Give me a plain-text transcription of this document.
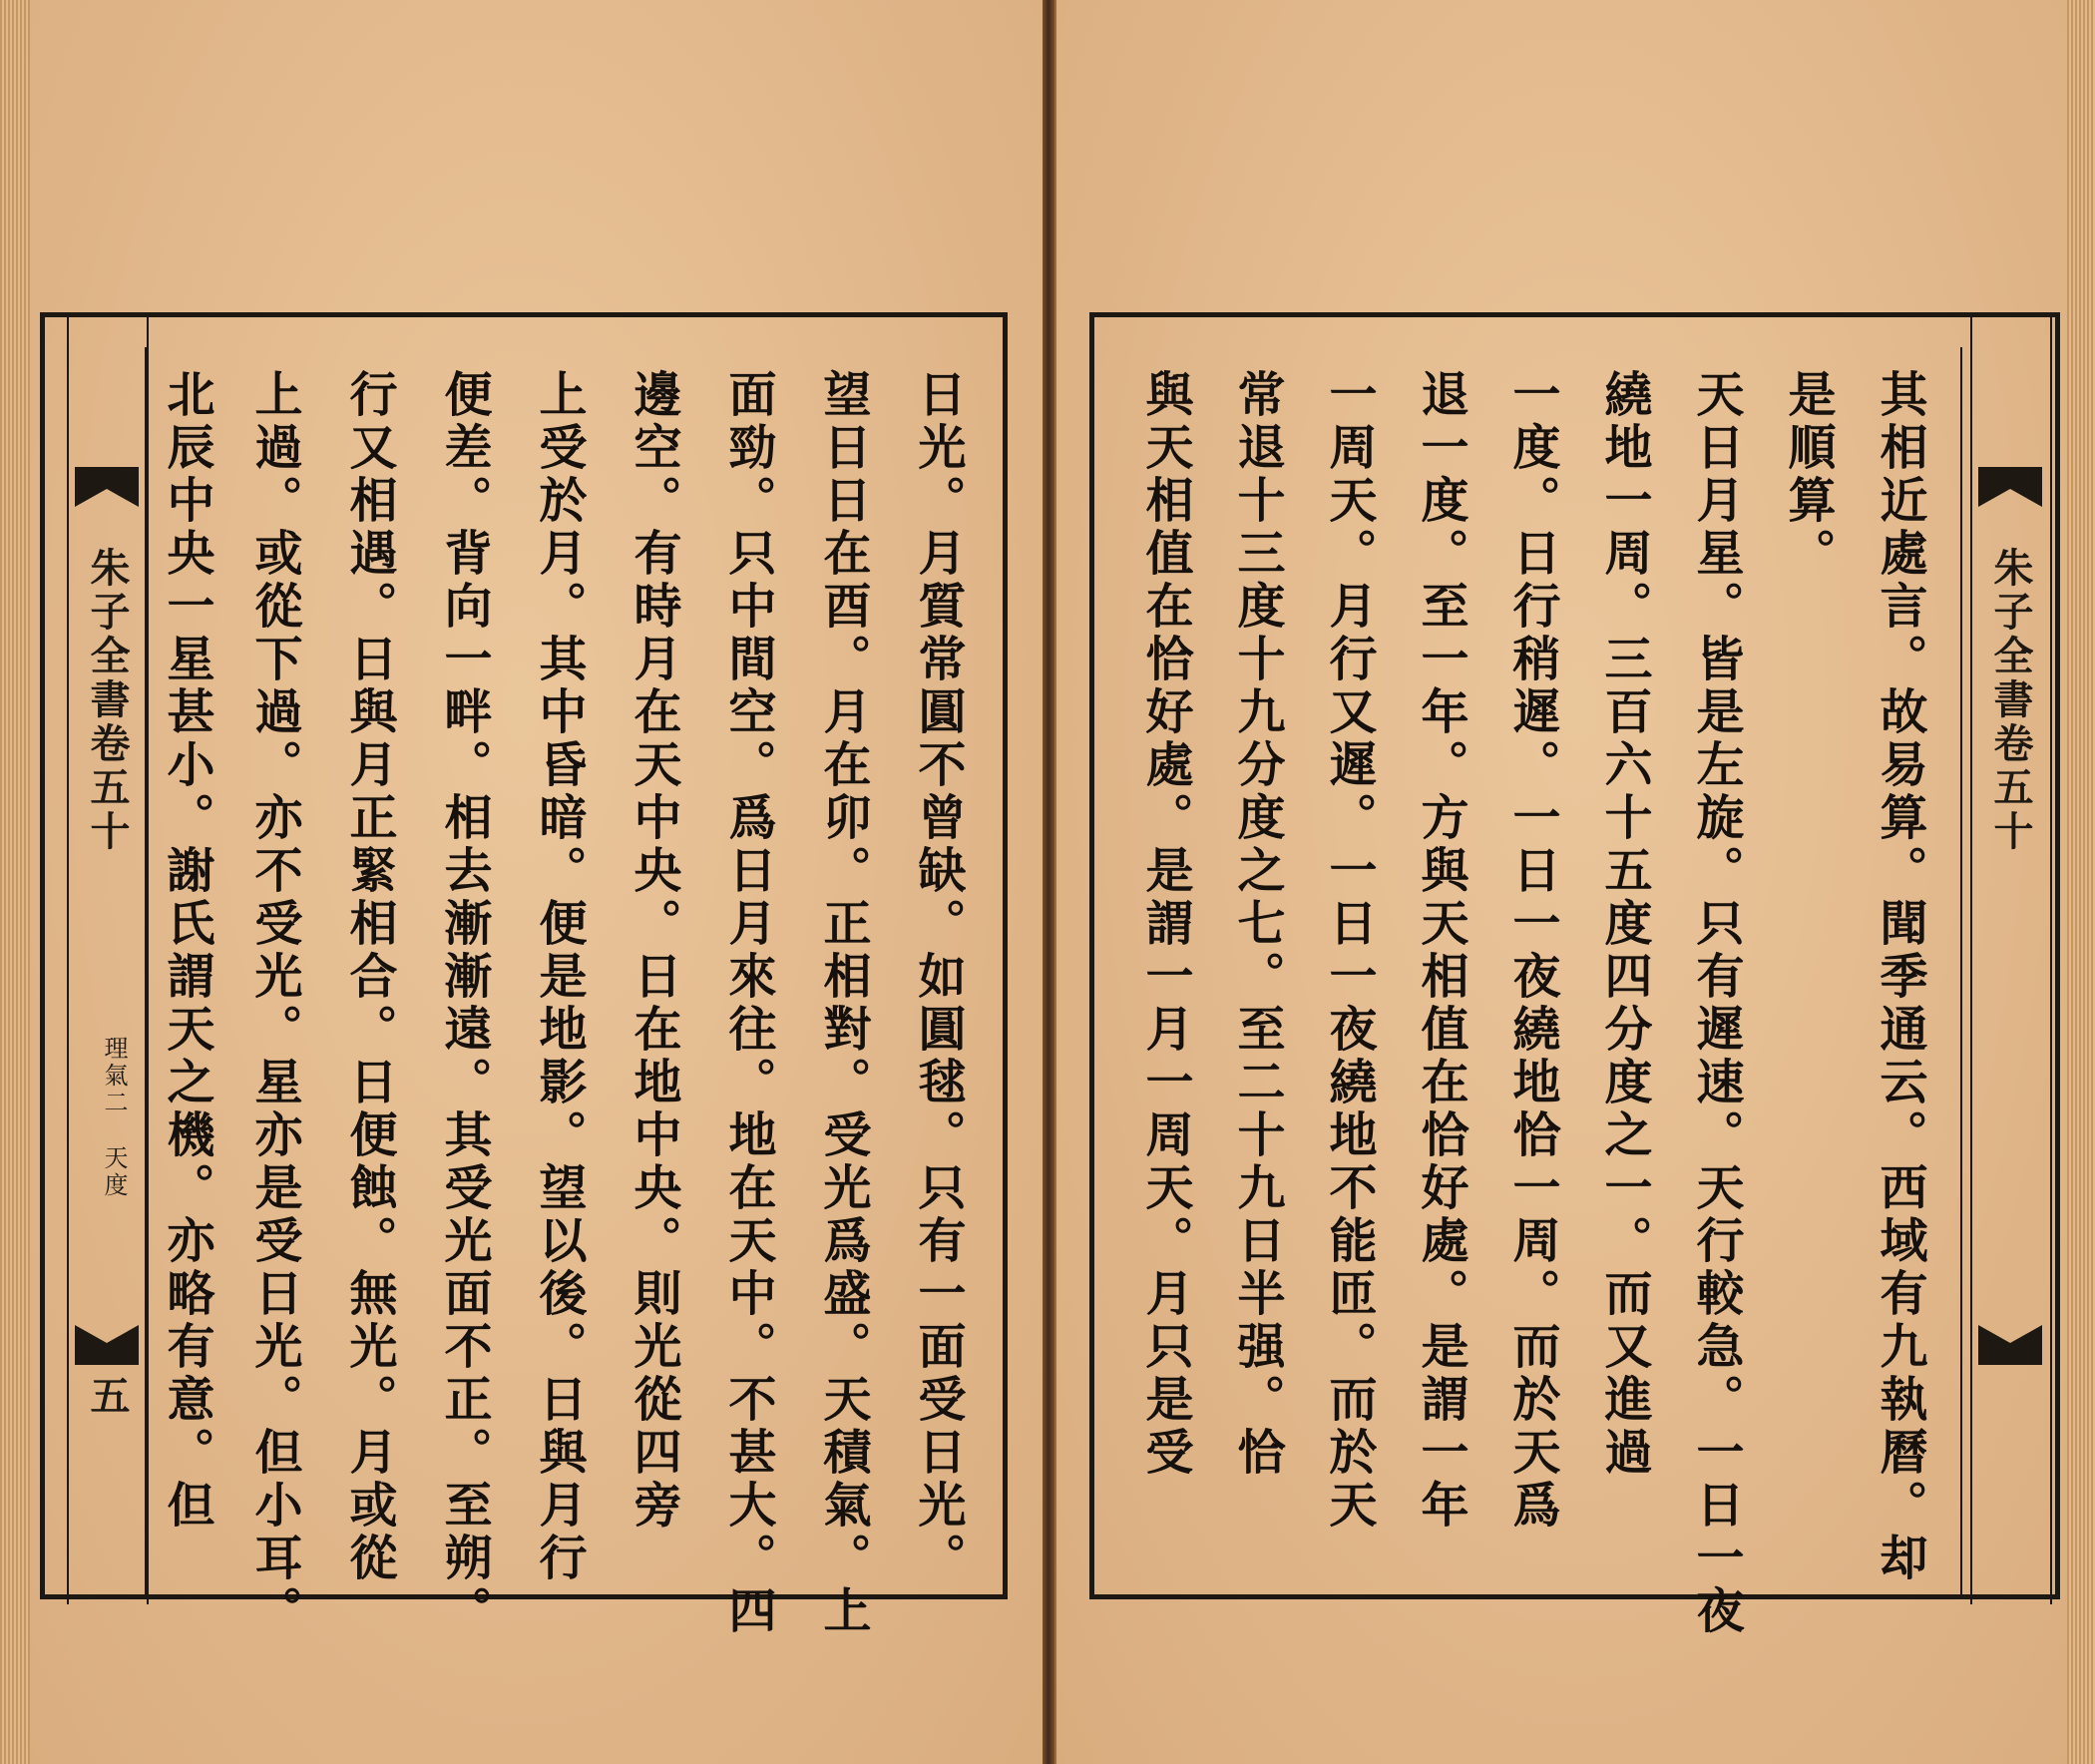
朱子全書卷五十
理氣二
天度
五	日光。月質常圓不曾缺。如圓毬。只有一面受日光。
望日日在酉。月在卯。正相對。受光爲盛。天積氣。上
面勁。只中間空。爲日月來往。地在天中。不甚大。四
邊空。有時月在天中央。日在地中央。則光從四旁
上受於月。其中昏暗。便是地影。望以後。日與月行
便差。背向一畔。相去漸漸遠。其受光面不正。至朔。
行又相遇。日與月正緊相合。日便蝕。無光。月或從
上過。或從下過。亦不受光。星亦是受日光。但小耳。
北辰中央一星甚小。謝氏謂天之機。亦略有意。但	朱子全書卷五十
其相近處言。故易算。聞季通云。西域有九執曆。却
是順算。
天日月星。皆是左旋。只有遲速。天行較急。一日一夜
繞地一周。三百六十五度四分度之一。而又進過
一度。日行稍遲。一日一夜繞地恰一周。而於天爲
退一度。至一年。方與天相值在恰好處。是謂一年
一周天。月行又遲。一日一夜繞地不能匝。而於天
常退十三度十九分度之七。至二十九日半强。恰
與天相值在恰好處。是謂一月一周天。月只是受
